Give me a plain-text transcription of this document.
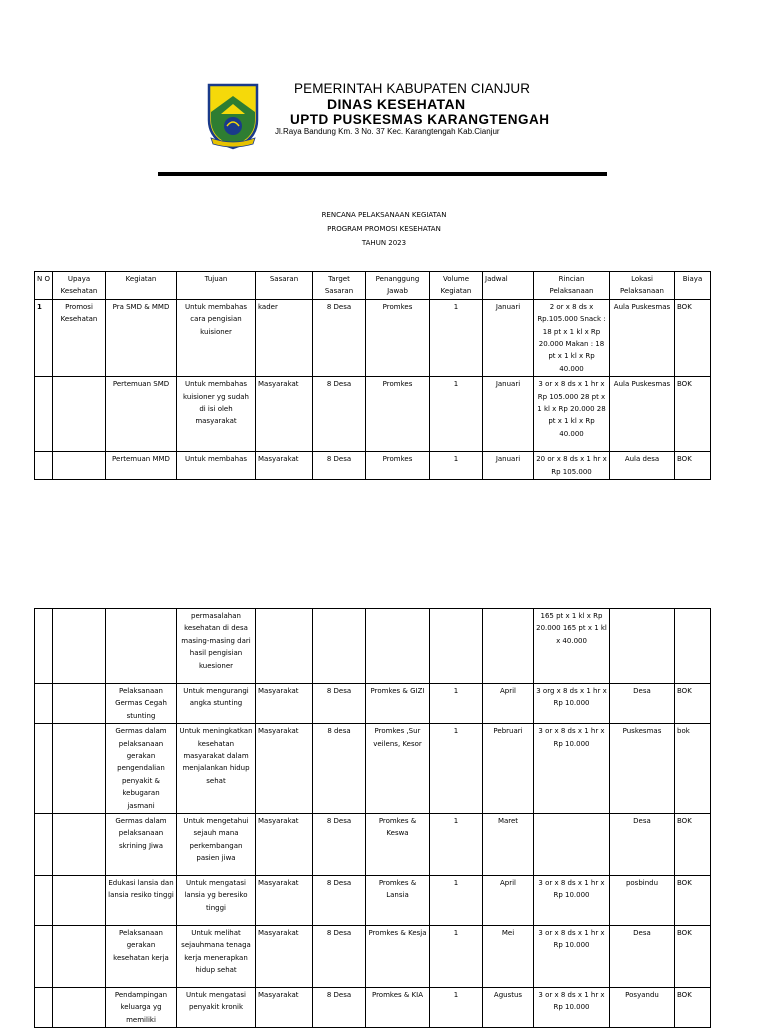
PEMERINTAH KABUPATEN CIANJUR
DINAS KESEHATAN
UPTD PUSKESMAS KARANGTENGAH
Jl.Raya Bandung Km. 3 No. 37 Kec. Karangtengah Kab.Cianjur
RENCANA PELAKSANAAN KEGIATAN
PROGRAM PROMOSI KESEHATAN
TAHUN 2023
N O	Upaya Kesehatan	Kegiatan	Tujuan	Sasaran	Target Sasaran	Penanggung Jawab	Volume Kegiatan	Jadwal	Rincian Pelaksanaan	Lokasi Pelaksanaan	Biaya
1	Promosi Kesehatan	Pra SMD & MMD	Untuk membahas cara pengisian kuisioner	kader	8 Desa	Promkes	1	Januari	2 or x 8 ds x Rp.105.000 Snack : 18 pt x 1 kl x Rp 20.000 Makan : 18 pt x 1 kl x Rp 40.000	Aula Puskesmas	BOK
		Pertemuan SMD	Untuk membahas kuisioner yg sudah di isi oleh masyarakat	Masyarakat	8 Desa	Promkes	1	Januari	3 or x 8 ds x 1 hr x Rp 105.000 28 pt x 1 kl x Rp 20.000 28 pt x 1 kl x Rp 40.000	Aula Puskesmas	BOK
		Pertemuan MMD	Untuk membahas	Masyarakat	8 Desa	Promkes	1	Januari	20 or x 8 ds x 1 hr x Rp 105.000	Aula desa	BOK
			permasalahan kesehatan di desa masing-masing dari hasil pengisian kuesioner						165 pt x 1 kl x Rp 20.000 165 pt x 1 kl x 40.000		
		Pelaksanaan Germas Cegah stunting	Untuk mengurangi angka stunting	Masyarakat	8 Desa	Promkes & GIZI	1	April	3 org x 8 ds x 1 hr x Rp 10.000	Desa	BOK
		Germas dalam pelaksanaan gerakan pengendalian penyakit & kebugaran jasmani	Untuk meningkatkan kesehatan masyarakat dalam menjalankan hidup sehat	Masyarakat	8 desa	Promkes ,Sur veilens, Kesor	1	Pebruari	3 or x 8 ds x 1 hr x Rp 10.000	Puskesmas	bok
		Germas dalam pelaksanaan skrining Jiwa	Untuk mengetahui sejauh mana perkembangan pasien jiwa	Masyarakat	8 Desa	Promkes & Keswa	1	Maret		Desa	BOK
		Edukasi lansia dan lansia resiko tinggi	Untuk mengatasi lansia yg beresiko tinggi	Masyarakat	8 Desa	Promkes & Lansia	1	April	3 or x 8 ds x 1 hr x Rp 10.000	posbindu	BOK
		Pelaksanaan gerakan kesehatan kerja	Untuk melihat sejauhmana tenaga kerja menerapkan hidup sehat	Masyarakat	8 Desa	Promkes & Kesja	1	Mei	3 or x 8 ds x 1 hr x Rp 10.000	Desa	BOK
		Pendampingan keluarga yg memiliki	Untuk mengatasi penyakit kronik	Masyarakat	8 Desa	Promkes & KIA	1	Agustus	3 or x 8 ds x 1 hr x Rp 10.000	Posyandu	BOK
